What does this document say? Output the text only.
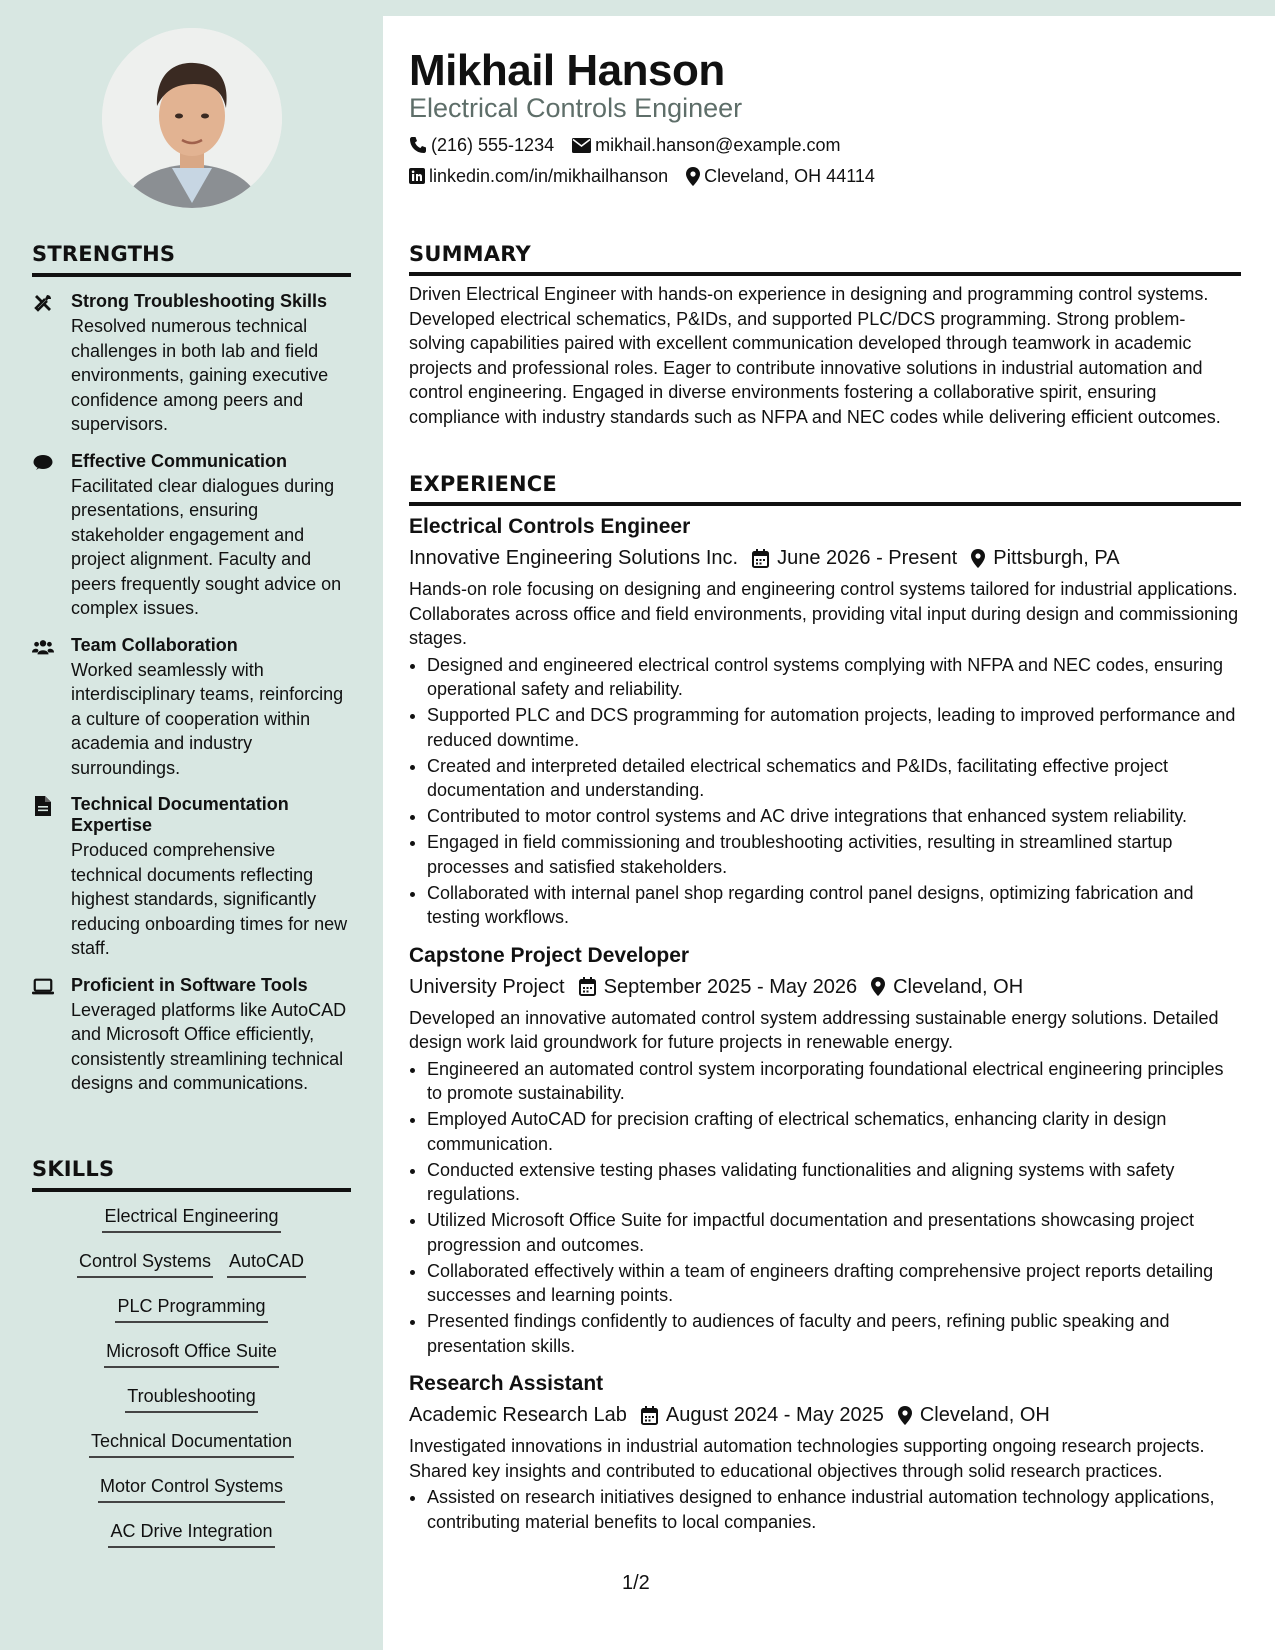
STRENGTHS
Strong Troubleshooting Skills
Resolved numerous technical challenges in both lab and field environments, gaining executive confidence among peers and supervisors.
Effective Communication
Facilitated clear dialogues during presentations, ensuring stakeholder engagement and project alignment. Faculty and peers frequently sought advice on complex issues.
Team Collaboration
Worked seamlessly with interdisciplinary teams, reinforcing a culture of cooperation within academia and industry surroundings.
Technical Documentation Expertise
Produced comprehensive technical documents reflecting highest standards, significantly reducing onboarding times for new staff.
Proficient in Software Tools
Leveraged platforms like AutoCAD and Microsoft Office efficiently, consistently streamlining technical designs and communications.
SKILLS
Electrical Engineering
Control Systems AutoCAD
PLC Programming
Microsoft Office Suite
Troubleshooting
Technical Documentation
Motor Control Systems
AC Drive Integration
Mikhail Hanson
Electrical Controls Engineer
(216) 555-1234 mikhail.hanson@example.com
linkedin.com/in/mikhailhanson Cleveland, OH 44114
SUMMARY

Driven Electrical Engineer with hands-on experience in designing and programming control systems. Developed electrical schematics, P&IDs, and supported PLC/DCS programming. Strong problem-solving capabilities paired with excellent communication developed through teamwork in academic projects and professional roles. Eager to contribute innovative solutions in industrial automation and control engineering. Engaged in diverse environments fostering a collaborative spirit, ensuring compliance with industry standards such as NFPA and NEC codes while delivering efficient outcomes.

EXPERIENCE
Electrical Controls Engineer
Innovative Engineering Solutions Inc. June 2026 - Present Pittsburgh, PA

Hands-on role focusing on designing and engineering control systems tailored for industrial applications. Collaborates across office and field environments, providing vital input during design and commissioning stages.

• Designed and engineered electrical control systems complying with NFPA and NEC codes, ensuring operational safety and reliability.
• Supported PLC and DCS programming for automation projects, leading to improved performance and reduced downtime.
• Created and interpreted detailed electrical schematics and P&IDs, facilitating effective project documentation and understanding.
• Contributed to motor control systems and AC drive integrations that enhanced system reliability.
• Engaged in field commissioning and troubleshooting activities, resulting in streamlined startup processes and satisfied stakeholders.
• Collaborated with internal panel shop regarding control panel designs, optimizing fabrication and testing workflows.
Capstone Project Developer
University Project September 2025 - May 2026 Cleveland, OH

Developed an innovative automated control system addressing sustainable energy solutions. Detailed design work laid groundwork for future projects in renewable energy.

• Engineered an automated control system incorporating foundational electrical engineering principles to promote sustainability.
• Employed AutoCAD for precision crafting of electrical schematics, enhancing clarity in design communication.
• Conducted extensive testing phases validating functionalities and aligning systems with safety regulations.
• Utilized Microsoft Office Suite for impactful documentation and presentations showcasing project progression and outcomes.
• Collaborated effectively within a team of engineers drafting comprehensive project reports detailing successes and learning points.
• Presented findings confidently to audiences of faculty and peers, refining public speaking and presentation skills.
Research Assistant
Academic Research Lab August 2024 - May 2025 Cleveland, OH

Investigated innovations in industrial automation technologies supporting ongoing research projects. Shared key insights and contributed to educational objectives through solid research practices.

• Assisted on research initiatives designed to enhance industrial automation technology applications, contributing material benefits to local companies.
1/2
